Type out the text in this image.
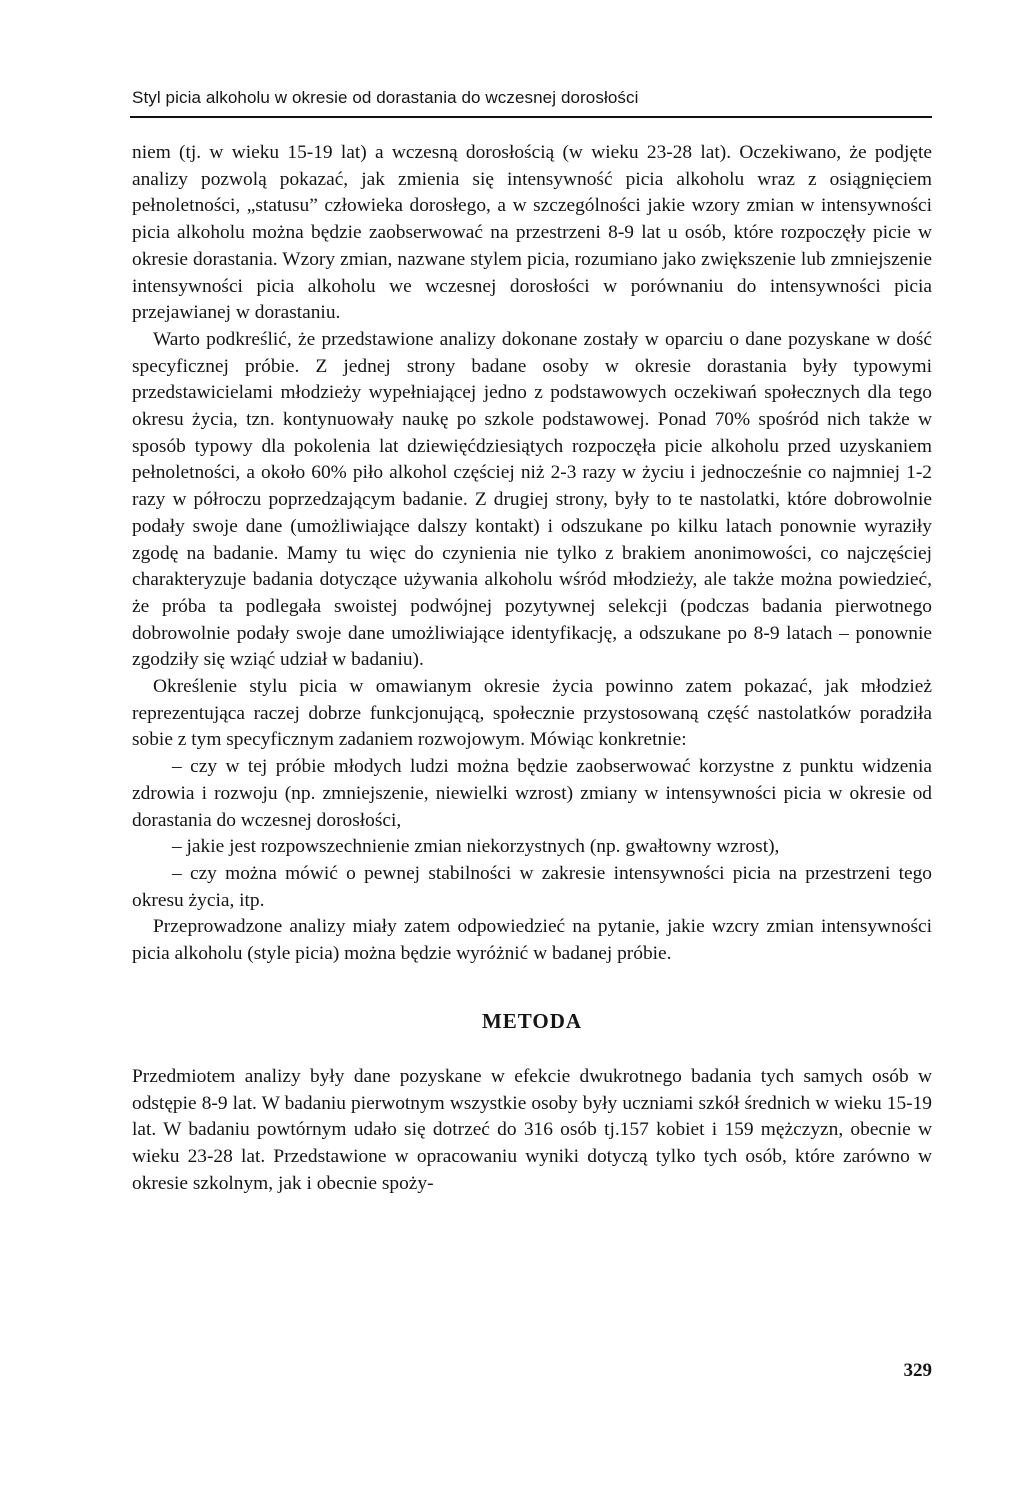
Styl picia alkoholu w okresie od dorastania do wczesnej dorosłości

niem (tj. w wieku 15-19 lat) a wczesną dorosłością (w wieku 23-28 lat). Oczekiwano, że podjęte analizy pozwolą pokazać, jak zmienia się intensywność picia alkoholu wraz z osiągnięciem pełnoletności, „statusu” człowieka dorosłego, a w szczególności jakie wzory zmian w intensywności picia alkoholu można będzie zaobserwować na przestrzeni 8-9 lat u osób, które rozpoczęły picie w okresie dorastania. Wzory zmian, nazwane stylem picia, rozumiano jako zwiększenie lub zmniejszenie intensywności picia alkoholu we wczesnej dorosłości w porównaniu do intensywności picia przejawianej w dorastaniu.

Warto podkreślić, że przedstawione analizy dokonane zostały w oparciu o dane pozyskane w dość specyficznej próbie. Z jednej strony badane osoby w okresie dorastania były typowymi przedstawicielami młodzieży wypełniającej jedno z podstawowych oczekiwań społecznych dla tego okresu życia, tzn. kontynuowały naukę po szkole podstawowej. Ponad 70% spośród nich także w sposób typowy dla pokolenia lat dziewięćdziesiątych rozpoczęła picie alkoholu przed uzyskaniem pełnoletności, a około 60% piło alkohol częściej niż 2-3 razy w życiu i jednocześnie co najmniej 1-2 razy w półroczu poprzedzającym badanie. Z drugiej strony, były to te nastolatki, które dobrowolnie podały swoje dane (umożliwiające dalszy kontakt) i odszukane po kilku latach ponownie wyraziły zgodę na badanie. Mamy tu więc do czynienia nie tylko z brakiem anonimowości, co najczęściej charakteryzuje badania dotyczące używania alkoholu wśród młodzieży, ale także można powiedzieć, że próba ta podlegała swoistej podwójnej pozytywnej selekcji (podczas badania pierwotnego dobrowolnie podały swoje dane umożliwiające identyfikację, a odszukane po 8-9 latach – ponownie zgodziły się wziąć udział w badaniu).

Określenie stylu picia w omawianym okresie życia powinno zatem pokazać, jak młodzież reprezentująca raczej dobrze funkcjonującą, społecznie przystosowaną część nastolatków poradziła sobie z tym specyficznym zadaniem rozwojowym. Mówiąc konkretnie:

– czy w tej próbie młodych ludzi można będzie zaobserwować korzystne z punktu widzenia zdrowia i rozwoju (np. zmniejszenie, niewielki wzrost) zmiany w intensywności picia w okresie od dorastania do wczesnej dorosłości,

– jakie jest rozpowszechnienie zmian niekorzystnych (np. gwałtowny wzrost),

– czy można mówić o pewnej stabilności w zakresie intensywności picia na przestrzeni tego okresu życia, itp.

Przeprowadzone analizy miały zatem odpowiedzieć na pytanie, jakie wzcry zmian intensywności picia alkoholu (style picia) można będzie wyróżnić w badanej próbie.

METODA

Przedmiotem analizy były dane pozyskane w efekcie dwukrotnego badania tych samych osób w odstępie 8-9 lat. W badaniu pierwotnym wszystkie osoby były uczniami szkół średnich w wieku 15-19 lat. W badaniu powtórnym udało się dotrzeć do 316 osób tj.157 kobiet i 159 mężczyzn, obecnie w wieku 23-28 lat. Przedstawione w opracowaniu wyniki dotyczą tylko tych osób, które zarówno w okresie szkolnym, jak i obecnie spoży-

329
